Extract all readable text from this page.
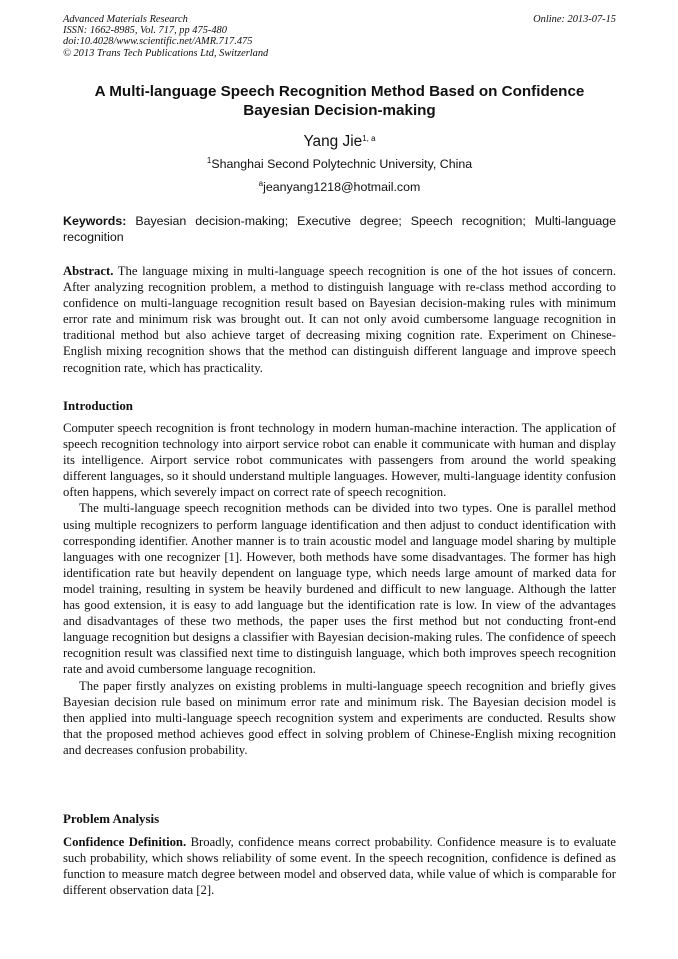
Advanced Materials Research
ISSN: 1662-8985, Vol. 717, pp 475-480
doi:10.4028/www.scientific.net/AMR.717.475
© 2013 Trans Tech Publications Ltd, Switzerland
Online: 2013-07-15
A Multi-language Speech Recognition Method Based on Confidence Bayesian Decision-making
Yang Jie$^{1, a}$
$^1$Shanghai Second Polytechnic University, China
$^a$jeanyang1218@hotmail.com
Keywords: Bayesian decision-making; Executive degree; Speech recognition; Multi-language recognition

Abstract. The language mixing in multi-language speech recognition is one of the hot issues of concern. After analyzing recognition problem, a method to distinguish language with re-class method according to confidence on multi-language recognition result based on Bayesian decision-making rules with minimum error rate and minimum risk was brought out. It can not only avoid cumbersome language recognition in traditional method but also achieve target of decreasing mixing cognition rate. Experiment on Chinese-English mixing recognition shows that the method can distinguish different language and improve speech recognition rate, which has practicality.

Introduction

Computer speech recognition is front technology in modern human-machine interaction. The application of speech recognition technology into airport service robot can enable it communicate with human and display its intelligence. Airport service robot communicates with passengers from around the world speaking different languages, so it should understand multiple languages. However, multi-language identity confusion often happens, which severely impact on correct rate of speech recognition.

The multi-language speech recognition methods can be divided into two types. One is parallel method using multiple recognizers to perform language identification and then adjust to conduct identification with corresponding identifier. Another manner is to train acoustic model and language model sharing by multiple languages with one recognizer [1]. However, both methods have some disadvantages. The former has high identification rate but heavily dependent on language type, which needs large amount of marked data for model training, resulting in system be heavily burdened and difficult to new language. Although the latter has good extension, it is easy to add language but the identification rate is low. In view of the advantages and disadvantages of these two methods, the paper uses the first method but not conducting front-end language recognition but designs a classifier with Bayesian decision-making rules. The confidence of speech recognition result was classified next time to distinguish language, which both improves speech recognition rate and avoid cumbersome language recognition.

The paper firstly analyzes on existing problems in multi-language speech recognition and briefly gives Bayesian decision rule based on minimum error rate and minimum risk. The Bayesian decision model is then applied into multi-language speech recognition system and experiments are conducted. Results show that the proposed method achieves good effect in solving problem of Chinese-English mixing recognition and decreases confusion probability.

Problem Analysis

Confidence Definition. Broadly, confidence means correct probability. Confidence measure is to evaluate such probability, which shows reliability of some event. In the speech recognition, confidence is defined as function to measure match degree between model and observed data, while value of which is comparable for different observation data [2].
